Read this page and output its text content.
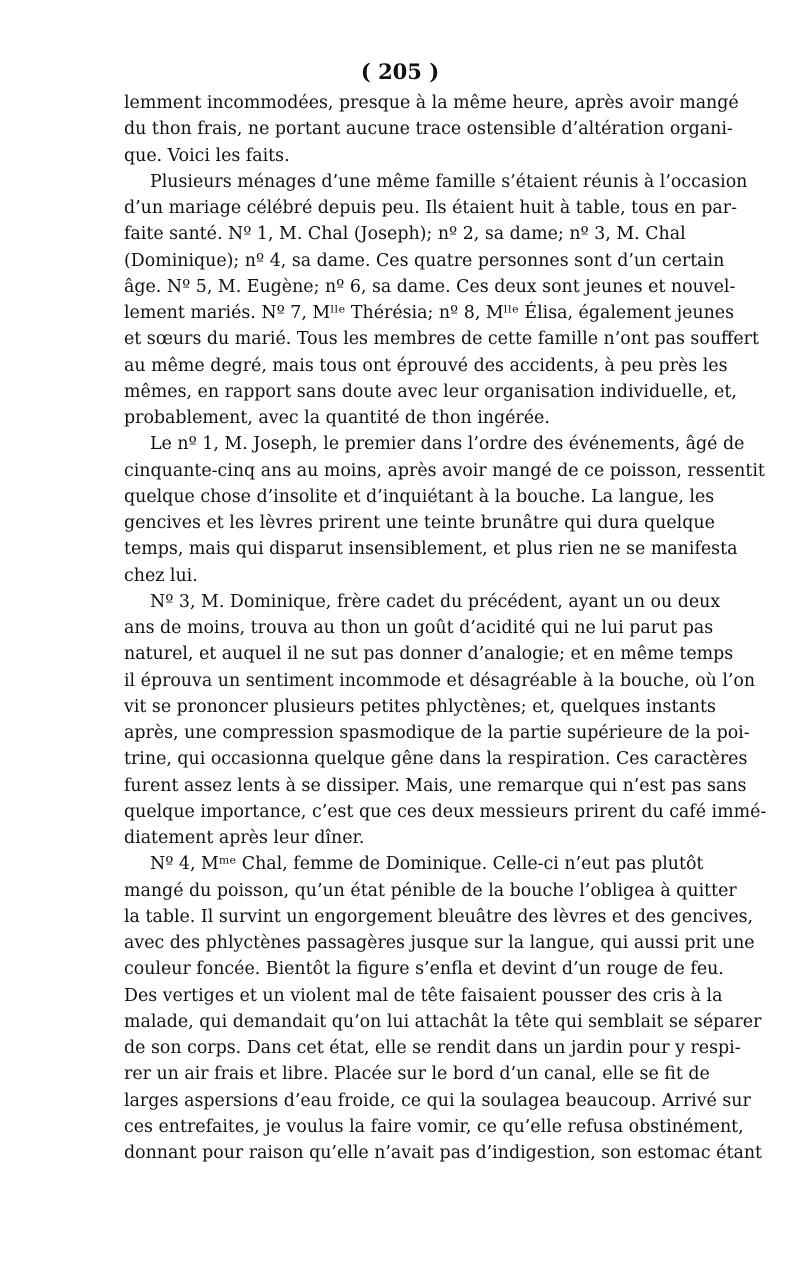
( 205 )
lemment incommodées, presque à la même heure, après avoir mangé
du thon frais, ne portant aucune trace ostensible d’altération organi-
que. Voici les faits.
Plusieurs ménages d’une même famille s’étaient réunis à l’occasion
d’un mariage célébré depuis peu. Ils étaient huit à table, tous en par-
faite santé. Nº 1, M. Chal (Joseph); nº 2, sa dame; nº 3, M. Chal
(Dominique); nº 4, sa dame. Ces quatre personnes sont d’un certain
âge. Nº 5, M. Eugène; nº 6, sa dame. Ces deux sont jeunes et nouvel-
lement mariés. Nº 7, Mˡˡᵉ Thérésia; nº 8, Mˡˡᵉ Élisa, également jeunes
et sœurs du marié. Tous les membres de cette famille n’ont pas souffert
au même degré, mais tous ont éprouvé des accidents, à peu près les
mêmes, en rapport sans doute avec leur organisation individuelle, et,
probablement, avec la quantité de thon ingérée.
Le nº 1, M. Joseph, le premier dans l’ordre des événements, âgé de
cinquante-cinq ans au moins, après avoir mangé de ce poisson, ressentit
quelque chose d’insolite et d’inquiétant à la bouche. La langue, les
gencives et les lèvres prirent une teinte brunâtre qui dura quelque
temps, mais qui disparut insensiblement, et plus rien ne se manifesta
chez lui.
Nº 3, M. Dominique, frère cadet du précédent, ayant un ou deux
ans de moins, trouva au thon un goût d’acidité qui ne lui parut pas
naturel, et auquel il ne sut pas donner d’analogie; et en même temps
il éprouva un sentiment incommode et désagréable à la bouche, où l’on
vit se prononcer plusieurs petites phlyctènes; et, quelques instants
après, une compression spasmodique de la partie supérieure de la poi-
trine, qui occasionna quelque gêne dans la respiration. Ces caractères
furent assez lents à se dissiper. Mais, une remarque qui n’est pas sans
quelque importance, c’est que ces deux messieurs prirent du café immé-
diatement après leur dîner.
Nº 4, Mᵐᵉ Chal, femme de Dominique. Celle-ci n’eut pas plutôt
mangé du poisson, qu’un état pénible de la bouche l’obligea à quitter
la table. Il survint un engorgement bleuâtre des lèvres et des gencives,
avec des phlyctènes passagères jusque sur la langue, qui aussi prit une
couleur foncée. Bientôt la figure s’enfla et devint d’un rouge de feu.
Des vertiges et un violent mal de tête faisaient pousser des cris à la
malade, qui demandait qu’on lui attachât la tête qui semblait se séparer
de son corps. Dans cet état, elle se rendit dans un jardin pour y respi-
rer un air frais et libre. Placée sur le bord d’un canal, elle se fit de
larges aspersions d’eau froide, ce qui la soulagea beaucoup. Arrivé sur
ces entrefaites, je voulus la faire vomir, ce qu’elle refusa obstinément,
donnant pour raison qu’elle n’avait pas d’indigestion, son estomac étant
